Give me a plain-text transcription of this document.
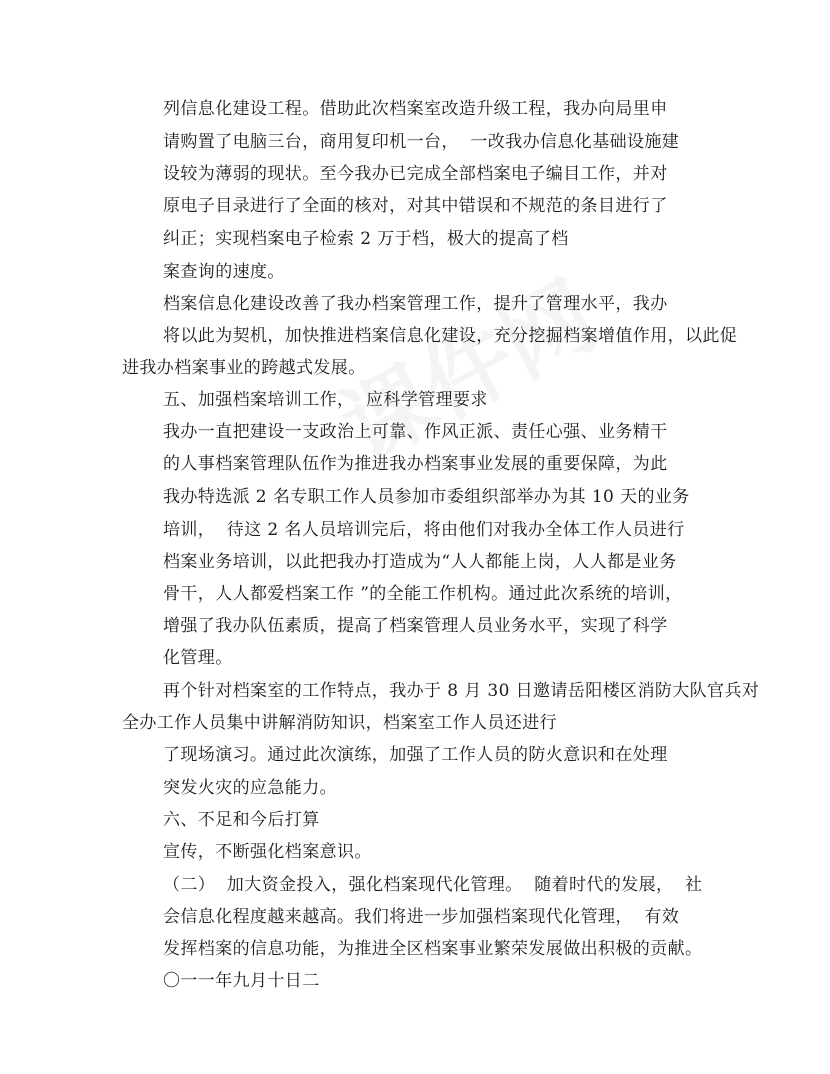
列信息化建设工程。借助此次档案室改造升级工程，我办向局里申
请购置了电脑三台，商用复印机一台，  一改我办信息化基础设施建
设较为薄弱的现状。至今我办已完成全部档案电子编目工作，并对
原电子目录进行了全面的核对，对其中错误和不规范的条目进行了
纠正；实现档案电子检索 2 万于档，极大的提高了档
案查询的速度。
档案信息化建设改善了我办档案管理工作，提升了管理水平，我办
将以此为契机，加快推进档案信息化建设，充分挖掘档案增值作用，以此促
进我办档案事业的跨越式发展。
五、加强档案培训工作，  应科学管理要求
我办一直把建设一支政治上可靠、作风正派、责任心强、业务精干
的人事档案管理队伍作为推进我办档案事业发展的重要保障，为此
我办特选派 2 名专职工作人员参加市委组织部举办为其 10 天的业务
培训，  待这 2 名人员培训完后，将由他们对我办全体工作人员进行
档案业务培训，以此把我办打造成为“人人都能上岗，人人都是业务
骨干，人人都爱档案工作 ”的全能工作机构。通过此次系统的培训，
增强了我办队伍素质，提高了档案管理人员业务水平，实现了科学
化管理。
再个针对档案室的工作特点，我办于 8 月 30 日邀请岳阳楼区消防大队官兵对
全办工作人员集中讲解消防知识，档案室工作人员还进行
了现场演习。通过此次演练，加强了工作人员的防火意识和在处理
突发火灾的应急能力。
六、不足和今后打算
宣传，不断强化档案意识。
（二）  加大资金投入，强化档案现代化管理。  随着时代的发展，  社
会信息化程度越来越高。我们将进一步加强档案现代化管理，  有效
发挥档案的信息功能，为推进全区档案事业繁荣发展做出积极的贡献。
〇一一年九月十日二
